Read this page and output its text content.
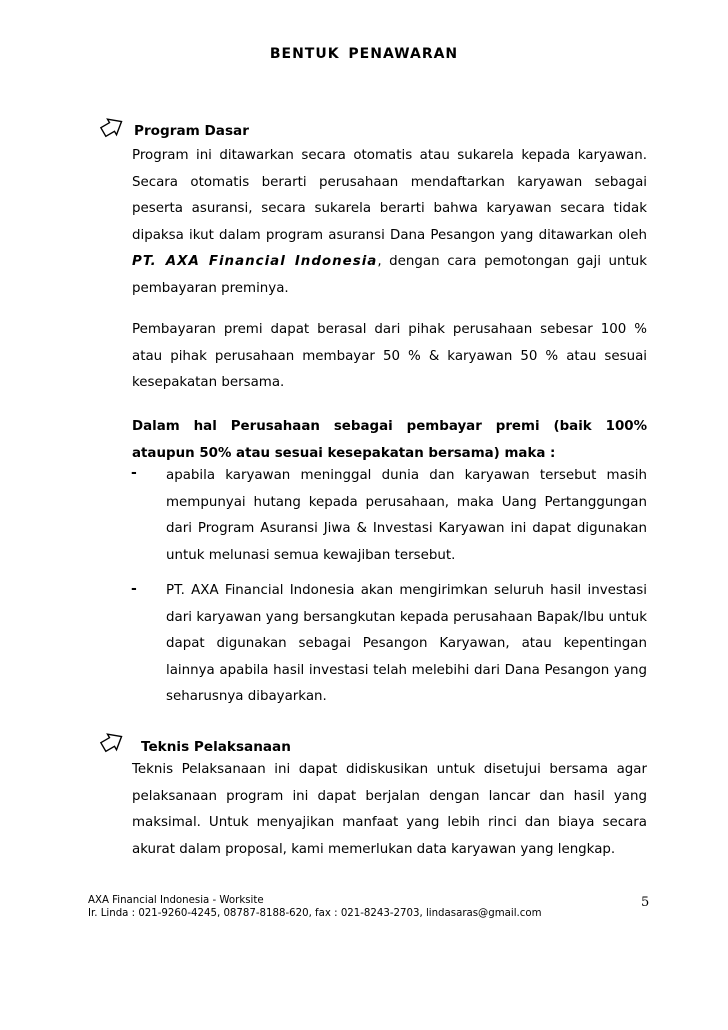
BENTUK PENAWARAN
Program Dasar
Program ini ditawarkan secara otomatis atau sukarela kepada karyawan. Secara otomatis berarti perusahaan mendaftarkan karyawan sebagai peserta asuransi, secara sukarela berarti bahwa karyawan secara tidak dipaksa ikut dalam program asuransi Dana Pesangon yang ditawarkan oleh PT. AXA Financial Indonesia, dengan cara pemotongan gaji untuk pembayaran preminya.
Pembayaran premi dapat berasal dari pihak perusahaan sebesar 100 % atau pihak perusahaan membayar 50 % & karyawan 50 % atau sesuai kesepakatan bersama.
Dalam hal Perusahaan sebagai pembayar premi (baik 100% ataupun 50% atau sesuai kesepakatan bersama) maka :
- apabila karyawan meninggal dunia dan karyawan tersebut masih mempunyai hutang kepada perusahaan, maka Uang Pertanggungan dari Program Asuransi Jiwa & Investasi Karyawan ini dapat digunakan untuk melunasi semua kewajiban tersebut.
- PT. AXA Financial Indonesia akan mengirimkan seluruh hasil investasi dari karyawan yang bersangkutan kepada perusahaan Bapak/Ibu untuk dapat digunakan sebagai Pesangon Karyawan, atau kepentingan lainnya apabila hasil investasi telah melebihi dari Dana Pesangon yang seharusnya dibayarkan.
Teknis Pelaksanaan
Teknis Pelaksanaan ini dapat didiskusikan untuk disetujui bersama agar pelaksanaan program ini dapat berjalan dengan lancar dan hasil yang maksimal. Untuk menyajikan manfaat yang lebih rinci dan biaya secara akurat dalam proposal, kami memerlukan data karyawan yang lengkap.
AXA Financial Indonesia - Worksite
Ir. Linda : 021-9260-4245, 08787-8188-620, fax : 021-8243-2703, lindasaras@gmail.com
5
